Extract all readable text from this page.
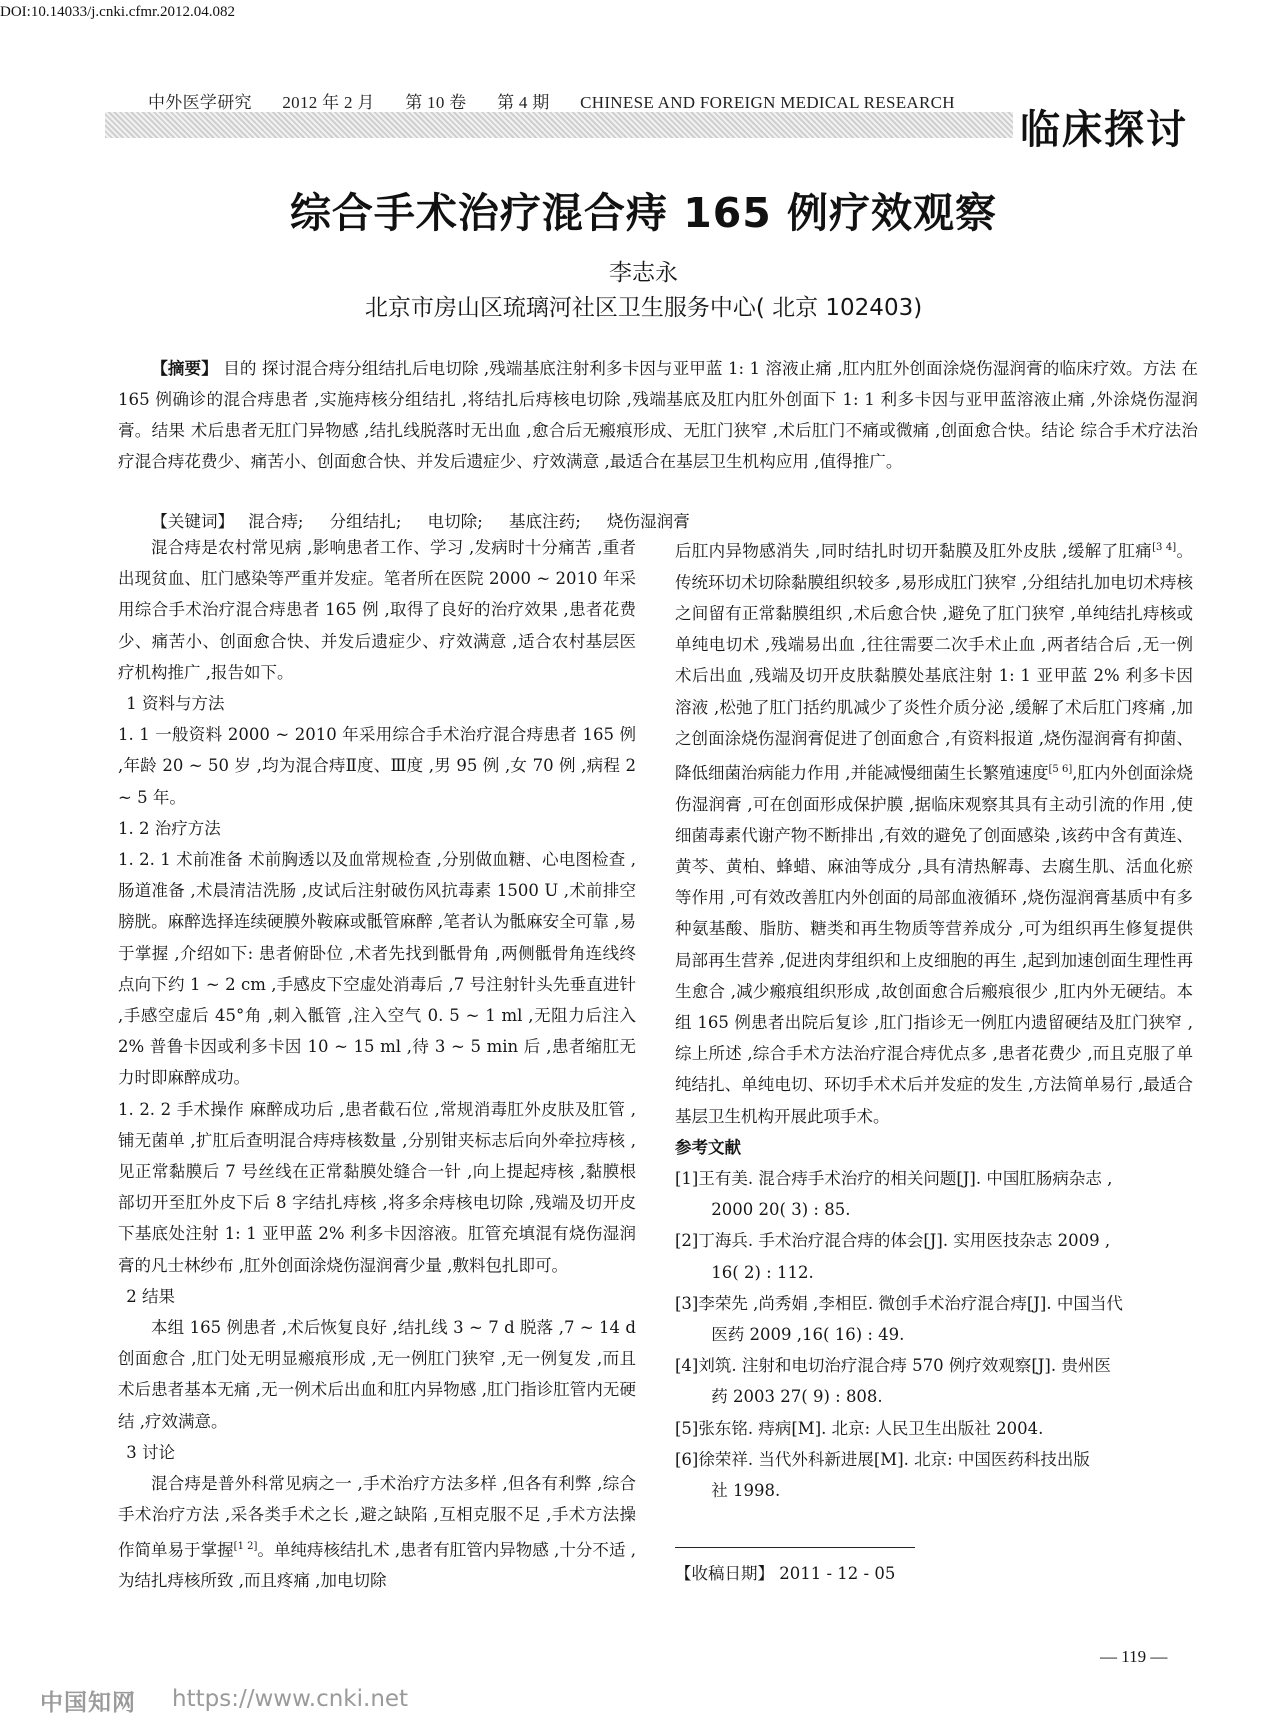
DOI:10.14033/j.cnki.cfmr.2012.04.082
中外医学研究 2012 年 2 月 第 10 卷 第 4 期 CHINESE AND FOREIGN MEDICAL RESEARCH
临床探讨
综合手术治疗混合痔 165 例疗效观察
李志永
北京市房山区琉璃河社区卫生服务中心( 北京 102403)
【摘要】 目的 探讨混合痔分组结扎后电切除 ,残端基底注射利多卡因与亚甲蓝 1: 1 溶液止痛 ,肛内肛外创面涂烧伤湿润膏的临床疗效。方法 在 165 例确诊的混合痔患者 ,实施痔核分组结扎 ,将结扎后痔核电切除 ,残端基底及肛内肛外创面下 1: 1 利多卡因与亚甲蓝溶液止痛 ,外涂烧伤湿润膏。结果 术后患者无肛门异物感 ,结扎线脱落时无出血 ,愈合后无瘢痕形成、无肛门狭窄 ,术后肛门不痛或微痛 ,创面愈合快。结论 综合手术疗法治疗混合痔花费少、痛苦小、创面愈合快、并发后遗症少、疗效满意 ,最适合在基层卫生机构应用 ,值得推广。
【关键词】 混合痔; 分组结扎; 电切除; 基底注药; 烧伤湿润膏

混合痔是农村常见病 ,影响患者工作、学习 ,发病时十分痛苦 ,重者出现贫血、肛门感染等严重并发症。笔者所在医院 2000 ~ 2010 年采用综合手术治疗混合痔患者 165 例 ,取得了良好的治疗效果 ,患者花费少、痛苦小、创面愈合快、并发后遗症少、疗效满意 ,适合农村基层医疗机构推广 ,报告如下。

1 资料与方法

1. 1 一般资料 2000 ~ 2010 年采用综合手术治疗混合痔患者 165 例 ,年龄 20 ~ 50 岁 ,均为混合痔Ⅱ度、Ⅲ度 ,男 95 例 ,女 70 例 ,病程 2 ~ 5 年。

1. 2 治疗方法

1. 2. 1 术前准备 术前胸透以及血常规检查 ,分别做血糖、心电图检查 ,肠道准备 ,术晨清洁洗肠 ,皮试后注射破伤风抗毒素 1500 U ,术前排空膀胱。麻醉选择连续硬膜外鞍麻或骶管麻醉 ,笔者认为骶麻安全可靠 ,易于掌握 ,介绍如下: 患者俯卧位 ,术者先找到骶骨角 ,两侧骶骨角连线终点向下约 1 ~ 2 cm ,手感皮下空虚处消毒后 ,7 号注射针头先垂直进针 ,手感空虚后 45°角 ,刺入骶管 ,注入空气 0. 5 ~ 1 ml ,无阻力后注入 2% 普鲁卡因或利多卡因 10 ~ 15 ml ,待 3 ~ 5 min 后 ,患者缩肛无力时即麻醉成功。

1. 2. 2 手术操作 麻醉成功后 ,患者截石位 ,常规消毒肛外皮肤及肛管 ,铺无菌单 ,扩肛后查明混合痔痔核数量 ,分别钳夹标志后向外牵拉痔核 ,见正常黏膜后 7 号丝线在正常黏膜处缝合一针 ,向上提起痔核 ,黏膜根部切开至肛外皮下后 8 字结扎痔核 ,将多余痔核电切除 ,残端及切开皮下基底处注射 1: 1 亚甲蓝 2% 利多卡因溶液。肛管充填混有烧伤湿润膏的凡士林纱布 ,肛外创面涂烧伤湿润膏少量 ,敷料包扎即可。

2 结果

本组 165 例患者 ,术后恢复良好 ,结扎线 3 ~ 7 d 脱落 ,7 ~ 14 d创面愈合 ,肛门处无明显瘢痕形成 ,无一例肛门狭窄 ,无一例复发 ,而且术后患者基本无痛 ,无一例术后出血和肛内异物感 ,肛门指诊肛管内无硬结 ,疗效满意。

3 讨论

混合痔是普外科常见病之一 ,手术治疗方法多样 ,但各有利弊 ,综合手术治疗方法 ,采各类手术之长 ,避之缺陷 ,互相克服不足 ,手术方法操作简单易于掌握[1 2]。单纯痔核结扎术 ,患者有肛管内异物感 ,十分不适 ,为结扎痔核所致 ,而且疼痛 ,加电切除

后肛内异物感消失 ,同时结扎时切开黏膜及肛外皮肤 ,缓解了肛痛[3 4]。传统环切术切除黏膜组织较多 ,易形成肛门狭窄 ,分组结扎加电切术痔核之间留有正常黏膜组织 ,术后愈合快 ,避免了肛门狭窄 ,单纯结扎痔核或单纯电切术 ,残端易出血 ,往往需要二次手术止血 ,两者结合后 ,无一例术后出血 ,残端及切开皮肤黏膜处基底注射 1: 1 亚甲蓝 2% 利多卡因溶液 ,松弛了肛门括约肌减少了炎性介质分泌 ,缓解了术后肛门疼痛 ,加之创面涂烧伤湿润膏促进了创面愈合 ,有资料报道 ,烧伤湿润膏有抑菌、降低细菌治病能力作用 ,并能减慢细菌生长繁殖速度[5 6],肛内外创面涂烧伤湿润膏 ,可在创面形成保护膜 ,据临床观察其具有主动引流的作用 ,使细菌毒素代谢产物不断排出 ,有效的避免了创面感染 ,该药中含有黄连、黄芩、黄柏、蜂蜡、麻油等成分 ,具有清热解毒、去腐生肌、活血化瘀等作用 ,可有效改善肛内外创面的局部血液循环 ,烧伤湿润膏基质中有多种氨基酸、脂肪、糖类和再生物质等营养成分 ,可为组织再生修复提供局部再生营养 ,促进肉芽组织和上皮细胞的再生 ,起到加速创面生理性再生愈合 ,减少瘢痕组织形成 ,故创面愈合后瘢痕很少 ,肛内外无硬结。本组 165 例患者出院后复诊 ,肛门指诊无一例肛内遗留硬结及肛门狭窄 ,综上所述 ,综合手术方法治疗混合痔优点多 ,患者花费少 ,而且克服了单纯结扎、单纯电切、环切手术术后并发症的发生 ,方法简单易行 ,最适合基层卫生机构开展此项手术。

参考文献

[1]王有美. 混合痔手术治疗的相关问题[J]. 中国肛肠病杂志 ,
2000 20( 3) : 85.
[2]丁海兵. 手术治疗混合痔的体会[J]. 实用医技杂志 2009 ,
16( 2) : 112.
[3]李荣先 ,尚秀娟 ,李相臣. 微创手术治疗混合痔[J]. 中国当代
医药 2009 ,16( 16) : 49.
[4]刘筑. 注射和电切治疗混合痔 570 例疗效观察[J]. 贵州医
药 2003 27( 9) : 808.
[5]张东铭. 痔病[M]. 北京: 人民卫生出版社 2004.
[6]徐荣祥. 当代外科新进展[M]. 北京: 中国医药科技出版
社 1998.
【收稿日期】 2011 - 12 - 05
— 119 —
中国知网 https://www.cnki.net
